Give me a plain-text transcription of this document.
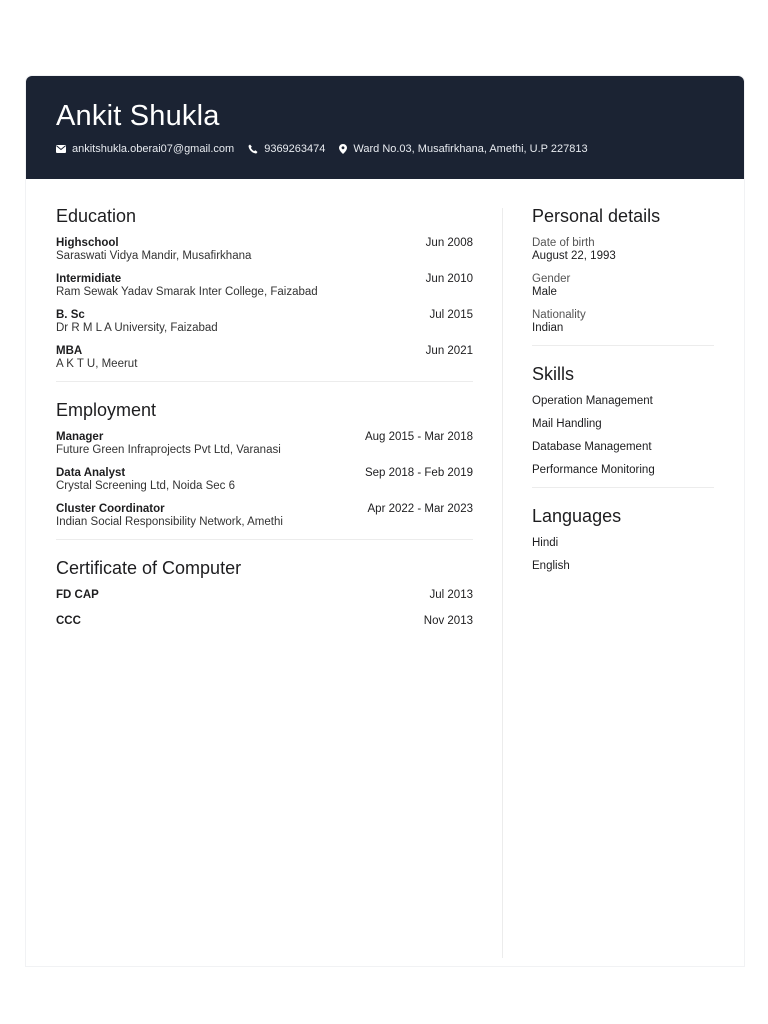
Ankit Shukla
ankitshukla.oberai07@gmail.com	9369263474	Ward No.03, Musafirkhana, Amethi, U.P 227813
Education
Highschool	Jun 2008
Saraswati Vidya Mandir, Musafirkhana
Intermidiate	Jun 2010
Ram Sewak Yadav Smarak Inter College, Faizabad
B. Sc	Jul 2015
Dr R M L A University, Faizabad
MBA	Jun 2021
A K T U, Meerut
Employment
Manager	Aug 2015 - Mar 2018
Future Green Infraprojects Pvt Ltd, Varanasi
Data Analyst	Sep 2018 - Feb 2019
Crystal Screening Ltd, Noida Sec 6
Cluster Coordinator	Apr 2022 - Mar 2023
Indian Social Responsibility Network, Amethi
Certificate of Computer
FD CAP	Jul 2013
CCC	Nov 2013
Personal details
Date of birth
August 22, 1993
Gender
Male
Nationality
Indian
Skills
Operation Management
Mail Handling
Database Management
Performance Monitoring
Languages
Hindi
English
